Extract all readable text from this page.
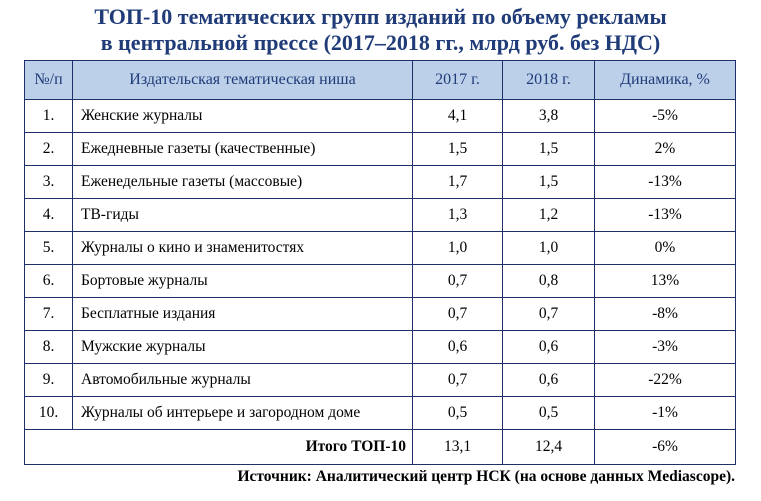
ТОП-10 тематических групп изданий по объему рекламы
в центральной прессе (2017–2018 гг., млрд руб. без НДС)
№/п	Издательская тематическая ниша	2017 г.	2018 г.	Динамика, %
1.	Женские журналы	4,1	3,8	-5%
2.	Ежедневные газеты (качественные)	1,5	1,5	2%
3.	Еженедельные газеты (массовые)	1,7	1,5	-13%
4.	ТВ-гиды	1,3	1,2	-13%
5.	Журналы о кино и знаменитостях	1,0	1,0	0%
6.	Бортовые журналы	0,7	0,8	13%
7.	Бесплатные издания	0,7	0,7	-8%
8.	Мужские журналы	0,6	0,6	-3%
9.	Автомобильные журналы	0,7	0,6	-22%
10.	Журналы об интерьере и загородном доме	0,5	0,5	-1%

Итого ТОП-10		13,1	12,4	-6%
Источник: Аналитический центр НСК (на основе данных Mediascope).
